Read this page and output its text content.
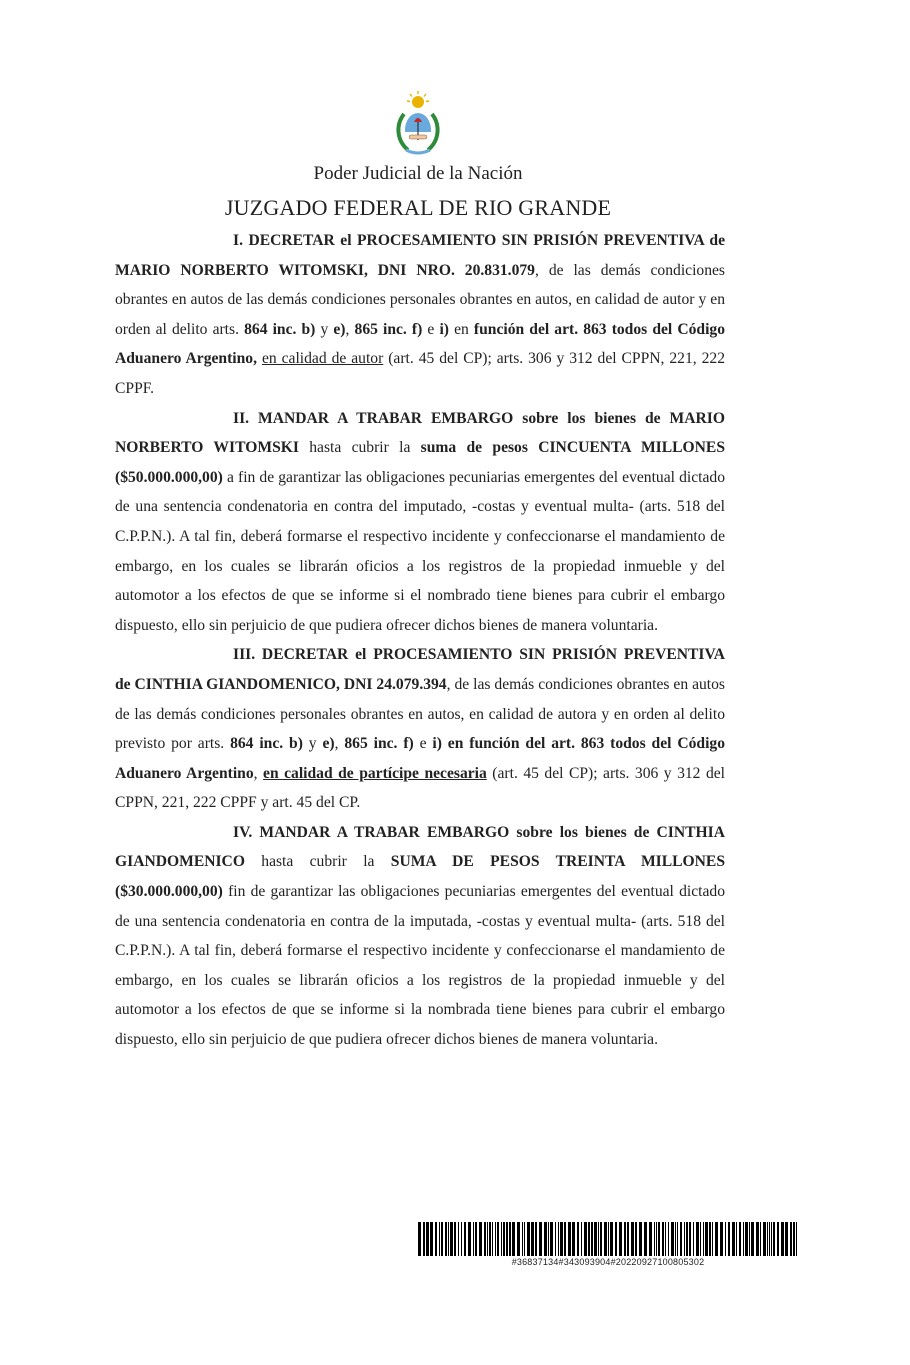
Poder Judicial de la Nación
JUZGADO FEDERAL DE RIO GRANDE

I. DECRETAR el PROCESAMIENTO SIN PRISIÓN PREVENTIVA de MARIO NORBERTO WITOMSKI, DNI NRO. 20.831.079, de las demás condiciones obrantes en autos de las demás condiciones personales obrantes en autos, en calidad de autor y en orden al delito arts. 864 inc. b) y e), 865 inc. f) e i) en función del art. 863 todos del Código Aduanero Argentino, en calidad de autor (art. 45 del CP); arts. 306 y 312 del CPPN, 221, 222 CPPF.

II. MANDAR A TRABAR EMBARGO sobre los bienes de MARIO NORBERTO WITOMSKI hasta cubrir la suma de pesos CINCUENTA MILLONES ($50.000.000,00) a fin de garantizar las obligaciones pecuniarias emergentes del eventual dictado de una sentencia condenatoria en contra del imputado, -costas y eventual multa- (arts. 518 del C.P.P.N.). A tal fin, deberá formarse el respectivo incidente y confeccionarse el mandamiento de embargo, en los cuales se librarán oficios a los registros de la propiedad inmueble y del automotor a los efectos de que se informe si el nombrado tiene bienes para cubrir el embargo dispuesto, ello sin perjuicio de que pudiera ofrecer dichos bienes de manera voluntaria.

III. DECRETAR el PROCESAMIENTO SIN PRISIÓN PREVENTIVA de CINTHIA GIANDOMENICO, DNI 24.079.394, de las demás condiciones obrantes en autos de las demás condiciones personales obrantes en autos, en calidad de autora y en orden al delito previsto por arts. 864 inc. b) y e), 865 inc. f) e i) en función del art. 863 todos del Código Aduanero Argentino, en calidad de partícipe necesaria (art. 45 del CP); arts. 306 y 312 del CPPN, 221, 222 CPPF y art. 45 del CP.

IV. MANDAR A TRABAR EMBARGO sobre los bienes de CINTHIA GIANDOMENICO hasta cubrir la SUMA DE PESOS TREINTA MILLONES ($30.000.000,00) fin de garantizar las obligaciones pecuniarias emergentes del eventual dictado de una sentencia condenatoria en contra de la imputada, -costas y eventual multa- (arts. 518 del C.P.P.N.). A tal fin, deberá formarse el respectivo incidente y confeccionarse el mandamiento de embargo, en los cuales se librarán oficios a los registros de la propiedad inmueble y del automotor a los efectos de que se informe si la nombrada tiene bienes para cubrir el embargo dispuesto, ello sin perjuicio de que pudiera ofrecer dichos bienes de manera voluntaria.

#36837134#343093904#20220927100805302
